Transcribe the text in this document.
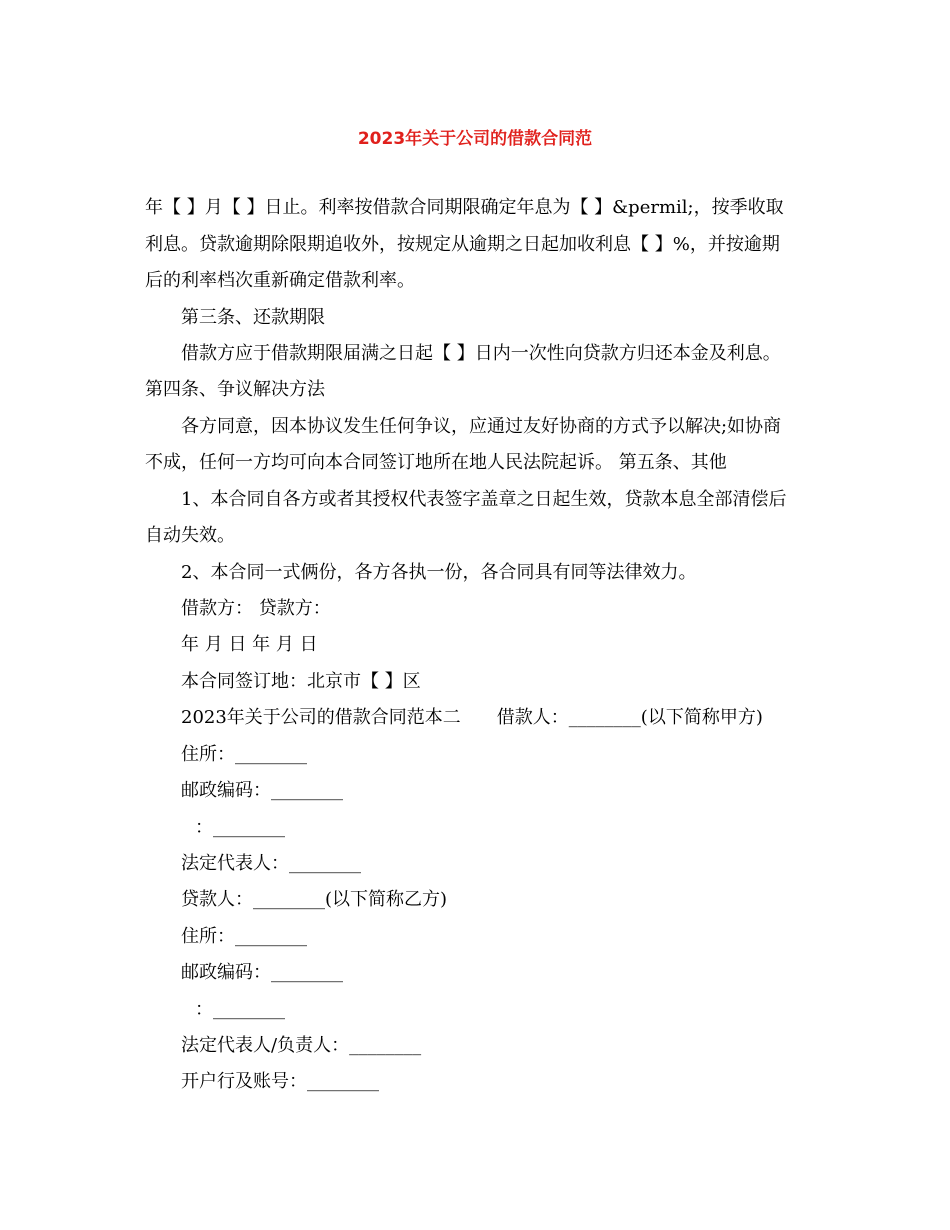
2023年关于公司的借款合同范
年【 】月【 】日止。利率按借款合同期限确定年息为【 】&permil;，按季收取
利息。贷款逾期除限期追收外，按规定从逾期之日起加收利息【 】%，并按逾期
后的利率档次重新确定借款利率。
第三条、还款期限
借款方应于借款期限届满之日起【 】日内一次性向贷款方归还本金及利息。
第四条、争议解决方法
各方同意，因本协议发生任何争议，应通过友好协商的方式予以解决;如协商
不成，任何一方均可向本合同签订地所在地人民法院起诉。 第五条、其他
1、本合同自各方或者其授权代表签字盖章之日起生效，贷款本息全部清偿后
自动失效。
2、本合同一式俩份，各方各执一份，各合同具有同等法律效力。
借款方： 贷款方：
年 月 日 年 月 日
本合同签订地：北京市【 】区
2023年关于公司的借款合同范本二　　借款人：________(以下简称甲方)
住所：________
邮政编码：________
：________
法定代表人：________
贷款人：________(以下简称乙方)
住所：________
邮政编码：________
：________
法定代表人/负责人：________
开户行及账号：________
